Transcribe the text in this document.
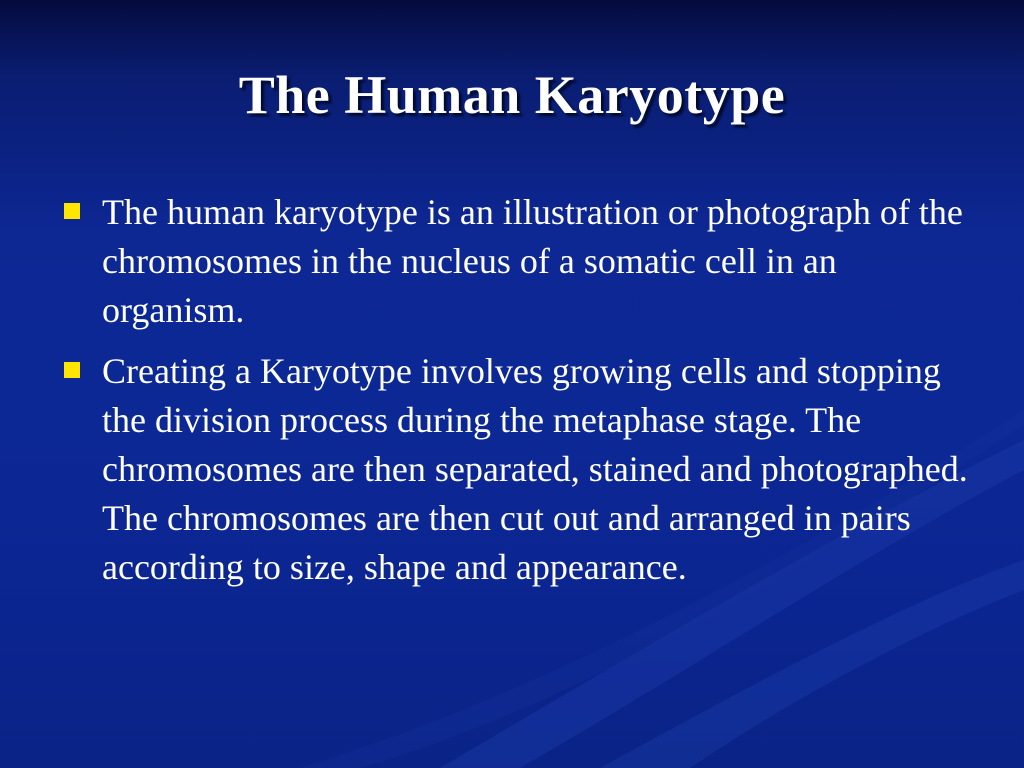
The Human Karyotype
The human karyotype is an illustration or photograph of the chromosomes in the nucleus of a somatic cell in an organism.
Creating a Karyotype involves growing cells and stopping the division process during the metaphase stage. The chromosomes are then separated, stained and photographed. The chromosomes are then cut out and arranged in pairs according to size, shape and appearance.
